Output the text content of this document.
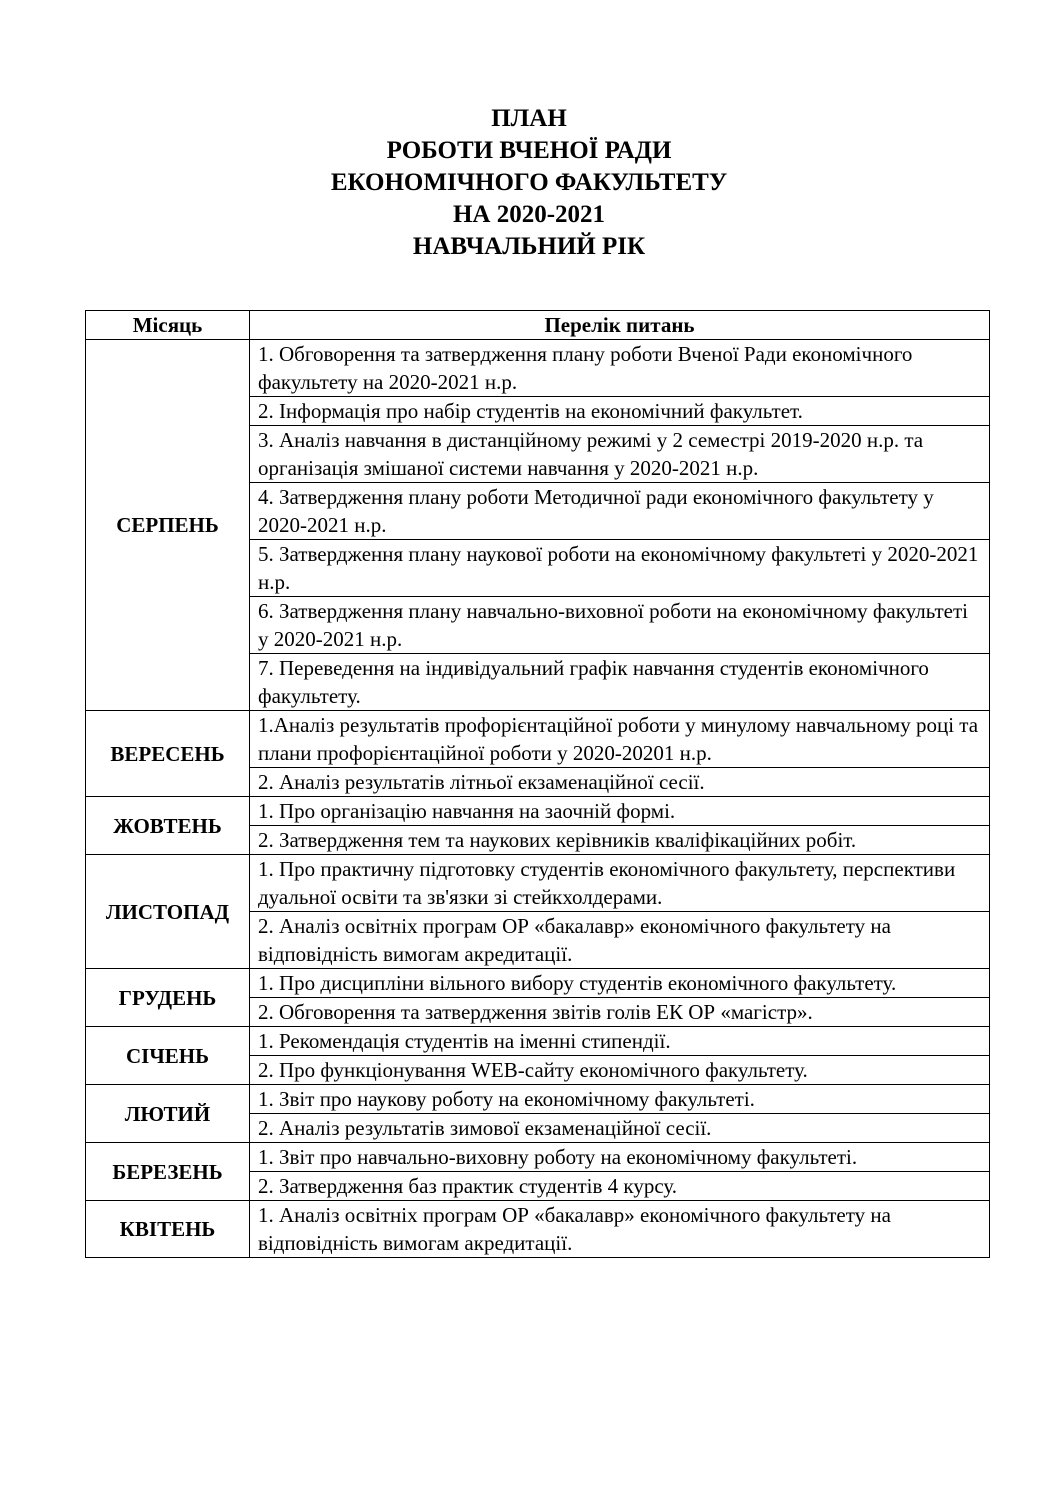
ПЛАН
РОБОТИ ВЧЕНОЇ РАДИ
ЕКОНОМІЧНОГО ФАКУЛЬТЕТУ
НА 2020-2021
НАВЧАЛЬНИЙ РІК
Місяць	Перелік питань
СЕРПЕНЬ	1. Обговорення та затвердження плану роботи Вченої Ради економічного факультету на 2020-2021 н.р.
	2. Інформація про набір студентів на економічний факультет.
	3. Аналіз навчання в дистанційному режимі у 2 семестрі 2019-2020 н.р. та організація змішаної системи навчання у 2020-2021 н.р.
	4. Затвердження плану роботи Методичної ради економічного факультету у 2020-2021 н.р.
	5. Затвердження плану наукової роботи на економічному факультеті у 2020-2021 н.р.
	6. Затвердження плану навчально-виховної роботи на економічному факультеті у 2020-2021 н.р.
	7. Переведення на індивідуальний графік навчання студентів економічного факультету.
ВЕРЕСЕНЬ	1.Аналіз результатів профорієнтаційної роботи у минулому навчальному році та плани профорієнтаційної роботи у 2020-20201 н.р.
	2. Аналіз результатів літньої екзаменаційної сесії.
ЖОВТЕНЬ	1. Про організацію навчання на заочній формі.
	2. Затвердження тем та наукових керівників кваліфікаційних робіт.
ЛИСТОПАД	1. Про практичну підготовку студентів економічного факультету, перспективи дуальної освіти та зв'язки зі стейкхолдерами.
	2. Аналіз освітніх програм ОР «бакалавр» економічного факультету на відповідність вимогам акредитації.
ГРУДЕНЬ	1. Про дисципліни вільного вибору студентів економічного факультету.
	2. Обговорення та затвердження звітів голів ЕК ОР «магістр».
СІЧЕНЬ	1. Рекомендація студентів на іменні стипендії.
	2. Про функціонування WEB-сайту економічного факультету.
ЛЮТИЙ	1. Звіт про наукову роботу на економічному факультеті.
	2. Аналіз результатів зимової екзаменаційної сесії.
БЕРЕЗЕНЬ	1. Звіт про навчально-виховну роботу на економічному факультеті.
	2. Затвердження баз практик студентів 4 курсу.
КВІТЕНЬ	1. Аналіз освітніх програм ОР «бакалавр» економічного факультету на відповідність вимогам акредитації.
